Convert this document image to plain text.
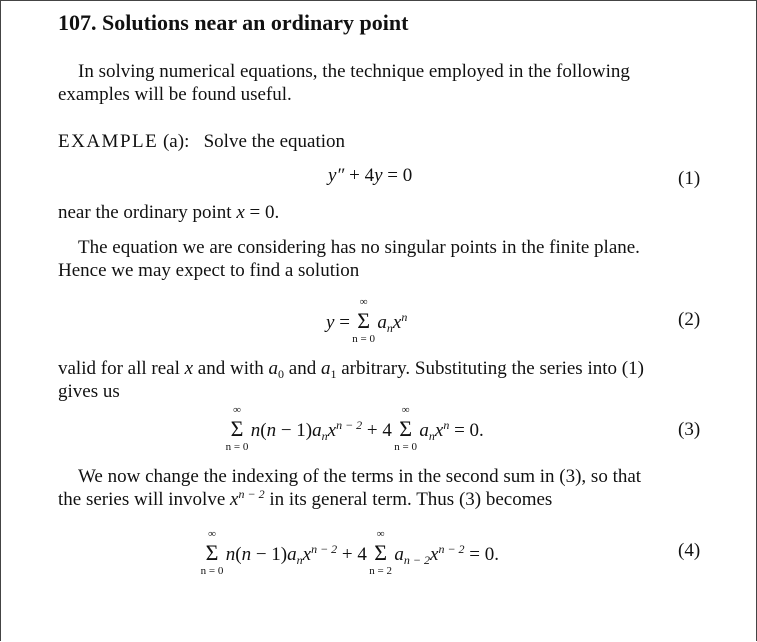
107. Solutions near an ordinary point
In solving numerical equations, the technique employed in the following
examples will be found useful.
EXAMPLE (a): Solve the equation
y″ + 4y = 0	(1)
near the ordinary point x = 0.
The equation we are considering has no singular points in the finite plane.
Hence we may expect to find a solution
y =
∞
Σ
n = 0
$a_nx^n$	(2)
valid for all real x and with $a_0$ and $a_1$ arbitrary. Substituting the series into (1)
gives us
∞
Σ
n = 0
$n(n - 1)a_nx^{n - 2} + 4$
∞
Σ
n = 0
$a_nx^n = 0$.	(3)
We now change the indexing of the terms in the second sum in (3), so that
the series will involve $x^{n - 2}$ in its general term. Thus (3) becomes
∞
Σ
n = 0
$n(n - 1)a_nx^{n - 2} + 4$
∞
Σ
n = 2
$a_{n - 2}x^{n - 2} = 0$.	(4)
